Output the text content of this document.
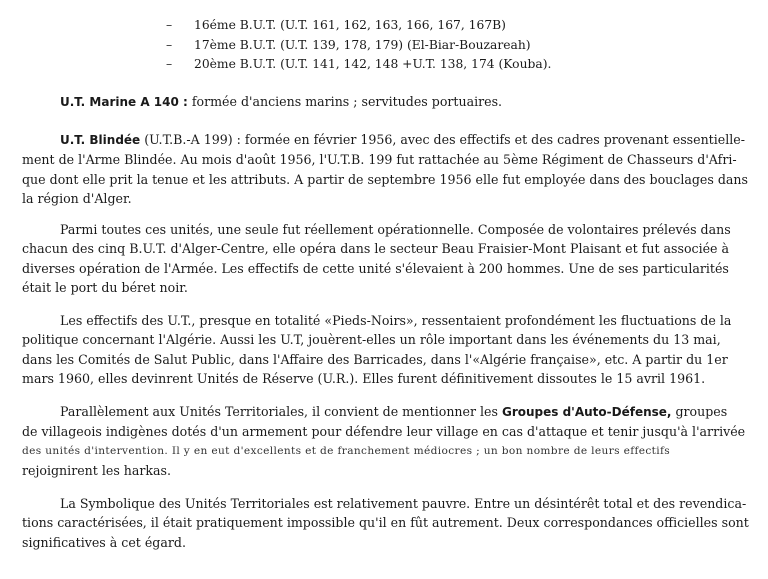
– 16éme B.U.T. (U.T. 161, 162, 163, 166, 167, 167B)
– 17ème B.U.T. (U.T. 139, 178, 179) (El-Biar-Bouzareah)
– 20ème B.U.T. (U.T. 141, 142, 148 +U.T. 138, 174 (Kouba).
U.T. Marine A 140 : formée d'anciens marins ; servitudes portuaires.
U.T. Blindée (U.T.B.-A 199) : formée en février 1956, avec des effectifs et des cadres provenant essentielle-
ment de l'Arme Blindée. Au mois d'août 1956, l'U.T.B. 199 fut rattachée au 5ème Régiment de Chasseurs d'Afri-
que dont elle prit la tenue et les attributs. A partir de septembre 1956 elle fut employée dans des bouclages dans
la région d'Alger.
Parmi toutes ces unités, une seule fut réellement opérationnelle. Composée de volontaires prélevés dans
chacun des cinq B.U.T. d'Alger-Centre, elle opéra dans le secteur Beau Fraisier-Mont Plaisant et fut associée à
diverses opération de l'Armée. Les effectifs de cette unité s'élevaient à 200 hommes. Une de ses particularités
était le port du béret noir.
Les effectifs des U.T., presque en totalité «Pieds-Noirs», ressentaient profondément les fluctuations de la
politique concernant l'Algérie. Aussi les U.T, jouèrent-elles un rôle important dans les événements du 13 mai,
dans les Comités de Salut Public, dans l'Affaire des Barricades, dans l'«Algérie française», etc. A partir du 1er
mars 1960, elles devinrent Unités de Réserve (U.R.). Elles furent définitivement dissoutes le 15 avril 1961.
Parallèlement aux Unités Territoriales, il convient de mentionner les Groupes d'Auto-Défense, groupes
de villageois indigènes dotés d'un armement pour défendre leur village en cas d'attaque et tenir jusqu'à l'arrivée
des unités d'intervention. Il y en eut d'excellents et de franchement médiocres ; un bon nombre de leurs effectifs
rejoignirent les harkas.
La Symbolique des Unités Territoriales est relativement pauvre. Entre un désintérêt total et des revendica-
tions caractérisées, il était pratiquement impossible qu'il en fût autrement. Deux correspondances officielles sont
significatives à cet égard.
